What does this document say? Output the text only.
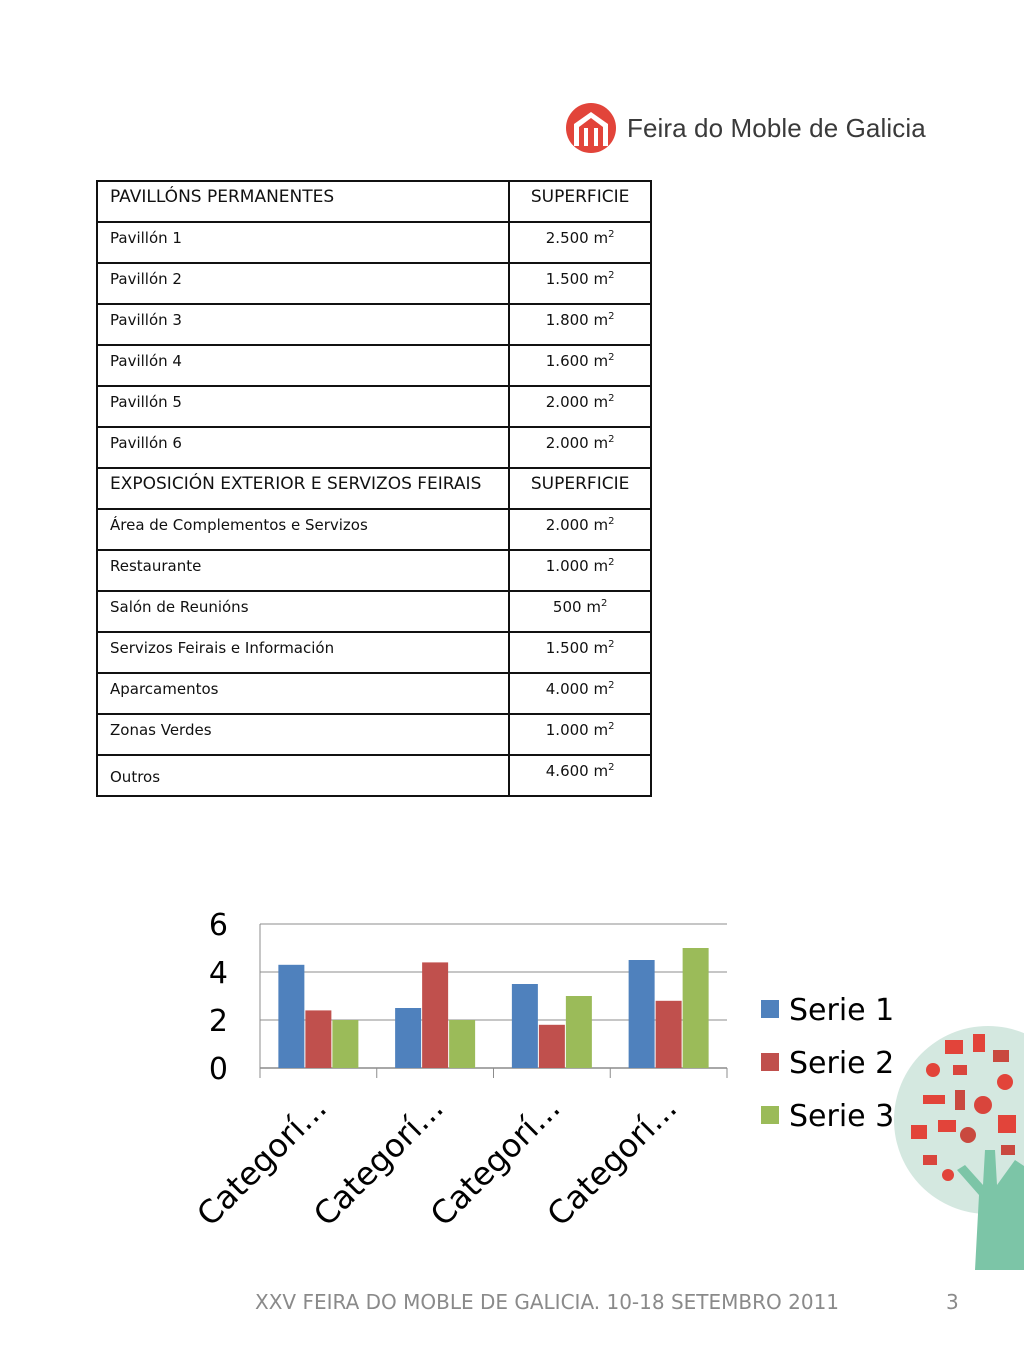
Feira do Moble de Galicia
PAVILLÓNS PERMANENTES	SUPERFICIE
Pavillón 1	2.500 $m^2$
Pavillón 2	1.500 $m^2$
Pavillón 3	1.800 $m^2$
Pavillón 4	1.600 $m^2$
Pavillón 5	2.000 $m^2$
Pavillón 6	2.000 $m^2$
EXPOSICIÓN EXTERIOR E SERVIZOS FEIRAIS	SUPERFICIE
Área de Complementos e Servizos	2.000 $m^2$
Restaurante	1.000 $m^2$
Salón de Reunións	500 $m^2$
Servizos Feirais e Información	1.500 $m^2$
Aparcamentos	4.000 $m^2$
Zonas Verdes	1.000 $m^2$
Outros	4.600 $m^2$
0
2
4
6
Categorí...
Categorí...
Categorí...
Categorí...
Serie 1
Serie 2
Serie 3
XXV FEIRA DO MOBLE DE GALICIA. 10-18 SETEMBRO 2011	3
